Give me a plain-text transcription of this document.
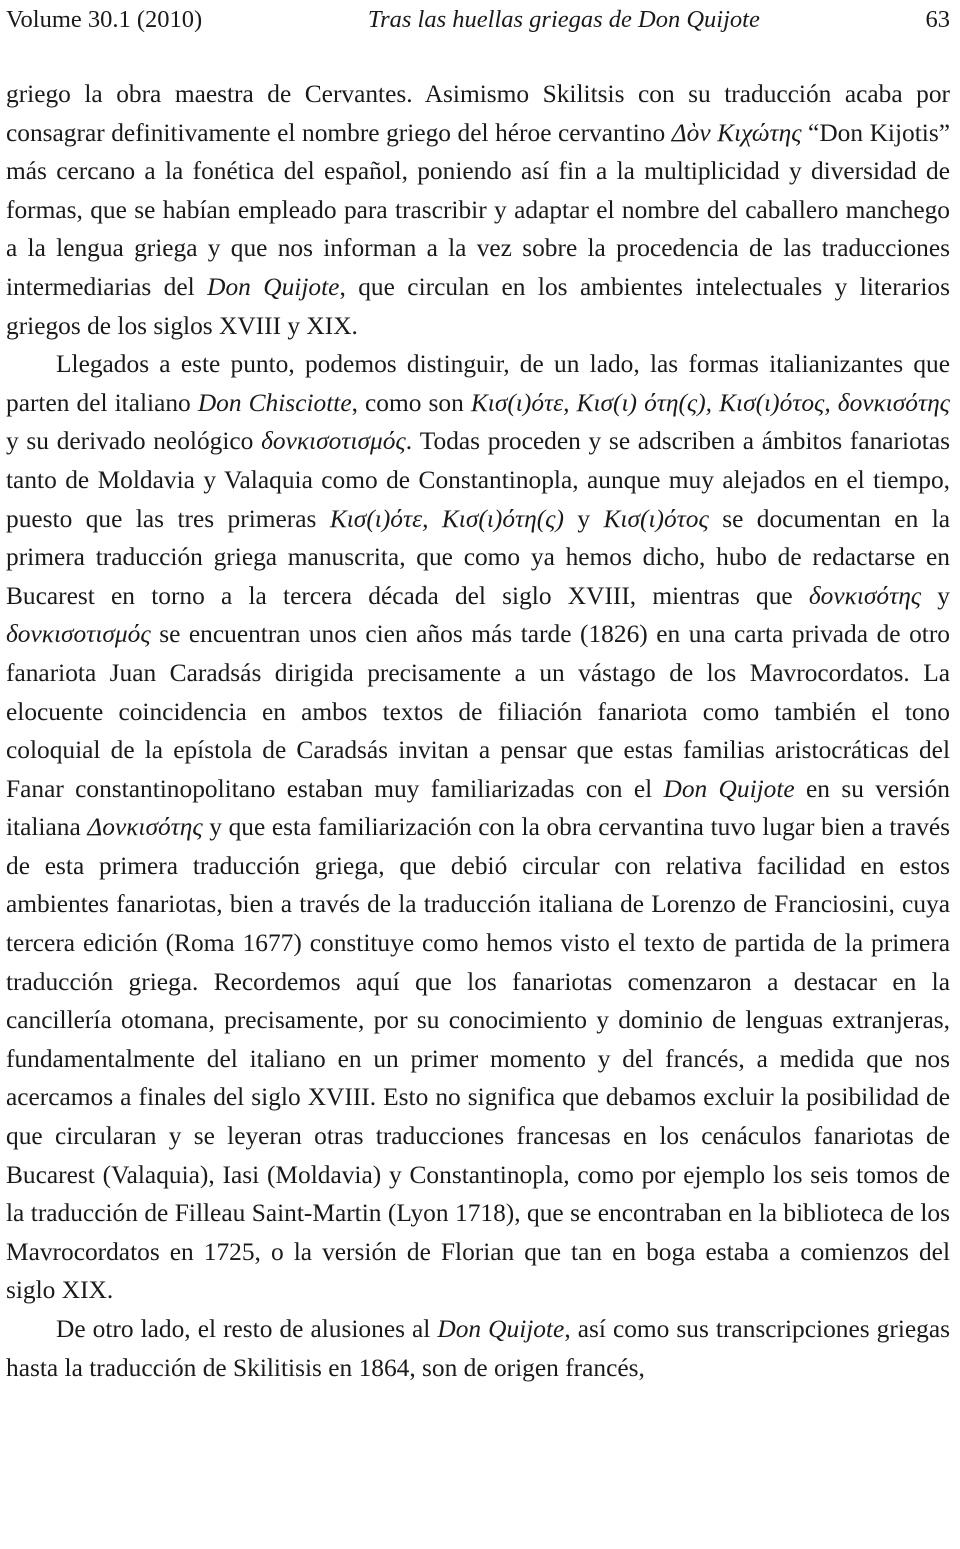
Volume 30.1 (2010)	Tras las huellas griegas de Don Quijote	63

griego la obra maestra de Cervantes. Asimismo Skilitsis con su traducción acaba por consagrar definitivamente el nombre griego del héroe cervantino Δὸν Κιχώτης “Don Kijotis” más cercano a la fonética del español, poniendo así fin a la multiplicidad y diversidad de formas, que se habían empleado para trascribir y adaptar el nombre del caballero manchego a la lengua griega y que nos informan a la vez sobre la procedencia de las traducciones intermediarias del Don Quijote, que circulan en los ambientes intelectuales y literarios griegos de los siglos XVIII y XIX.

Llegados a este punto, podemos distinguir, de un lado, las formas italianizantes que parten del italiano Don Chisciotte, como son Κισ(ι)ότε, Κισ(ι) ότη(ς), Κισ(ι)ότος, δονκισότης y su derivado neológico δονκισοτισμός. Todas proceden y se adscriben a ámbitos fanariotas tanto de Moldavia y Valaquia como de Constantinopla, aunque muy alejados en el tiempo, puesto que las tres primeras Κισ(ι)ότε, Κισ(ι)ότη(ς) y Κισ(ι)ότος se documentan en la primera traducción griega manuscrita, que como ya hemos dicho, hubo de redactarse en Bucarest en torno a la tercera década del siglo XVIII, mientras que δονκισότης y δονκισοτισμός se encuentran unos cien años más tarde (1826) en una carta privada de otro fanariota Juan Caradsás dirigida precisamente a un vástago de los Mavrocordatos. La elocuente coincidencia en ambos textos de filiación fanariota como también el tono coloquial de la epístola de Caradsás invitan a pensar que estas familias aristocráticas del Fanar constantinopolitano estaban muy familiarizadas con el Don Quijote en su versión italiana Δονκισότης y que esta familiarización con la obra cervantina tuvo lugar bien a través de esta primera traducción griega, que debió circular con relativa facilidad en estos ambientes fanariotas, bien a través de la traducción italiana de Lorenzo de Franciosini, cuya tercera edición (Roma 1677) constituye como hemos visto el texto de partida de la primera traducción griega. Recordemos aquí que los fanariotas comenzaron a destacar en la cancillería otomana, precisamente, por su conocimiento y dominio de lenguas extranjeras, fundamentalmente del italiano en un primer momento y del francés, a medida que nos acercamos a finales del siglo XVIII. Esto no significa que debamos excluir la posibilidad de que circularan y se leyeran otras traducciones francesas en los cenáculos fanariotas de Bucarest (Valaquia), Iasi (Moldavia) y Constantinopla, como por ejemplo los seis tomos de la traducción de Filleau Saint-Martin (Lyon 1718), que se encontraban en la biblioteca de los Mavrocordatos en 1725, o la versión de Florian que tan en boga estaba a comienzos del siglo XIX.

De otro lado, el resto de alusiones al Don Quijote, así como sus transcripciones griegas hasta la traducción de Skilitisis en 1864, son de origen francés,
